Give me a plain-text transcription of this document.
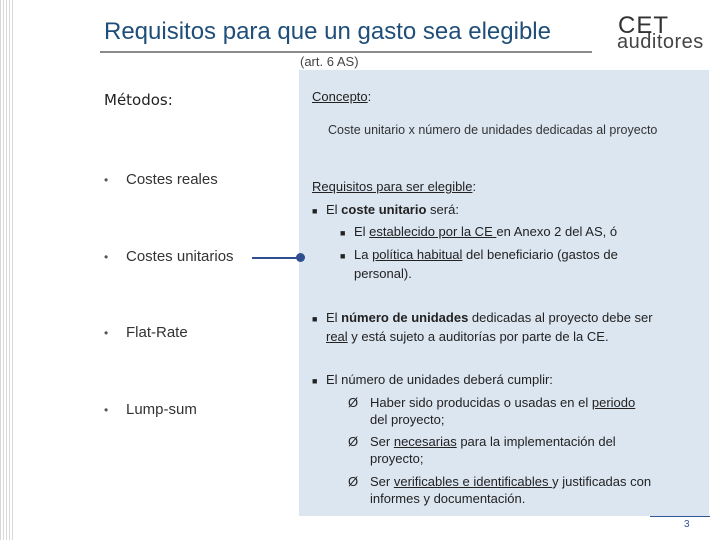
Requisitos para que un gasto sea elegible	CET
auditores
(art. 6 AS)
Métodos:
• Costes reales
• Costes unitarios
• Flat-Rate
• Lump-sum
Concepto:
Coste unitario x número de unidades dedicadas al proyecto
Requisitos para ser elegible:
■ El coste unitario será:
■ El establecido por la CE en Anexo 2 del AS, ó
■ La política habitual del beneficiario (gastos de
personal).
■ El número de unidades dedicadas al proyecto debe ser
real y está sujeto a auditorías por parte de la CE.
■ El número de unidades deberá cumplir:
Ø Haber sido producidas o usadas en el periodo
del proyecto;
Ø Ser necesarias para la implementación del
proyecto;
Ø Ser verificables e identificables y justificadas con
informes y documentación.
3
